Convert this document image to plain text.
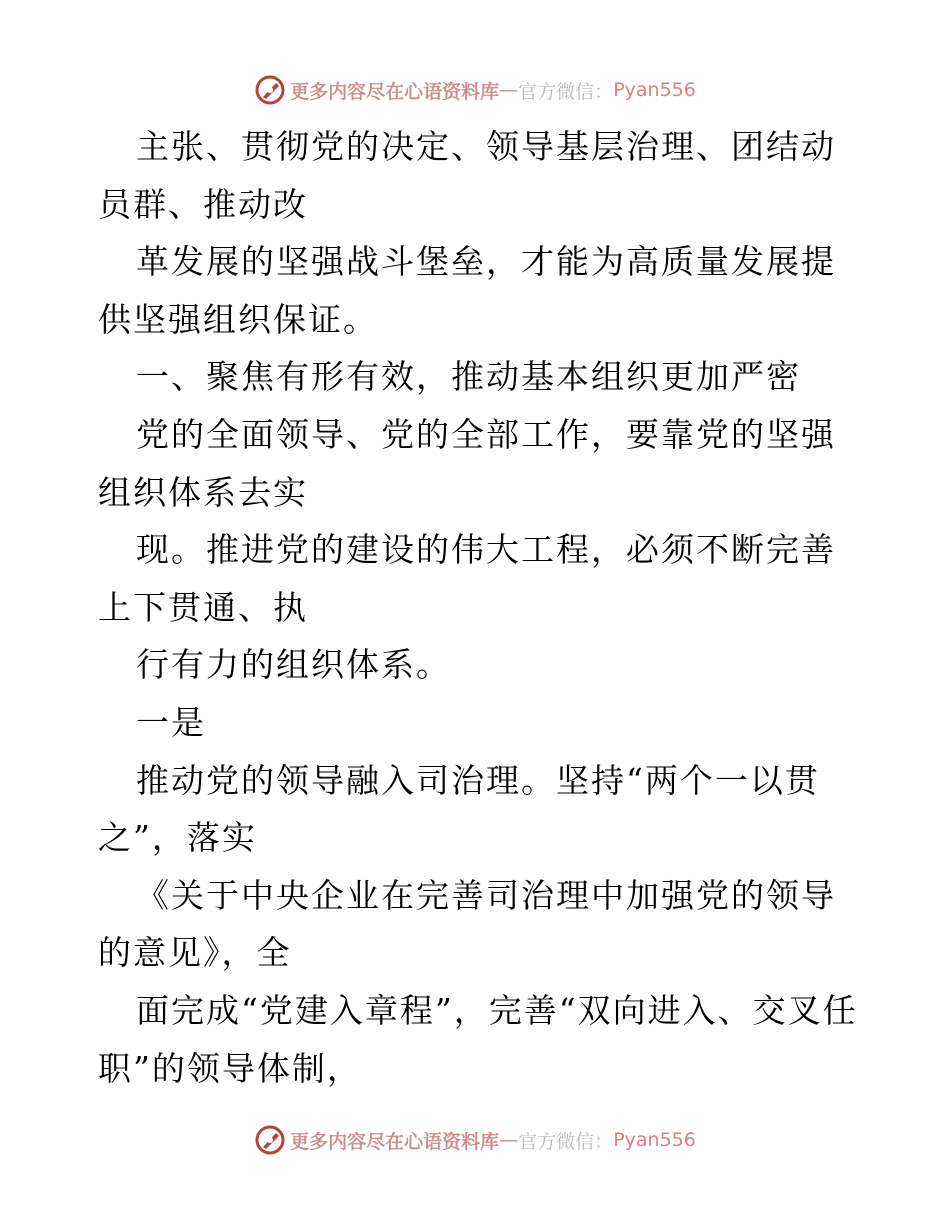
更多内容尽在心语资料库 — 官方微信： Pyan556

主张、贯彻党的决定、领导基层治理、团结动员群、推动改

革发展的坚强战斗堡垒，才能为高质量发展提供坚强组织保证。

一、聚焦有形有效，推动基本组织更加严密

党的全面领导、党的全部工作，要靠党的坚强组织体系去实

现。推进党的建设的伟大工程，必须不断完善上下贯通、执

行有力的组织体系。

一是

推动党的领导融入司治理。坚持“两个一以贯之”，落实

《关于中央企业在完善司治理中加强党的领导的意见》，全

面完成“党建入章程”，完善“双向进入、交叉任职”的领导体制，

更多内容尽在心语资料库 — 官方微信： Pyan556
